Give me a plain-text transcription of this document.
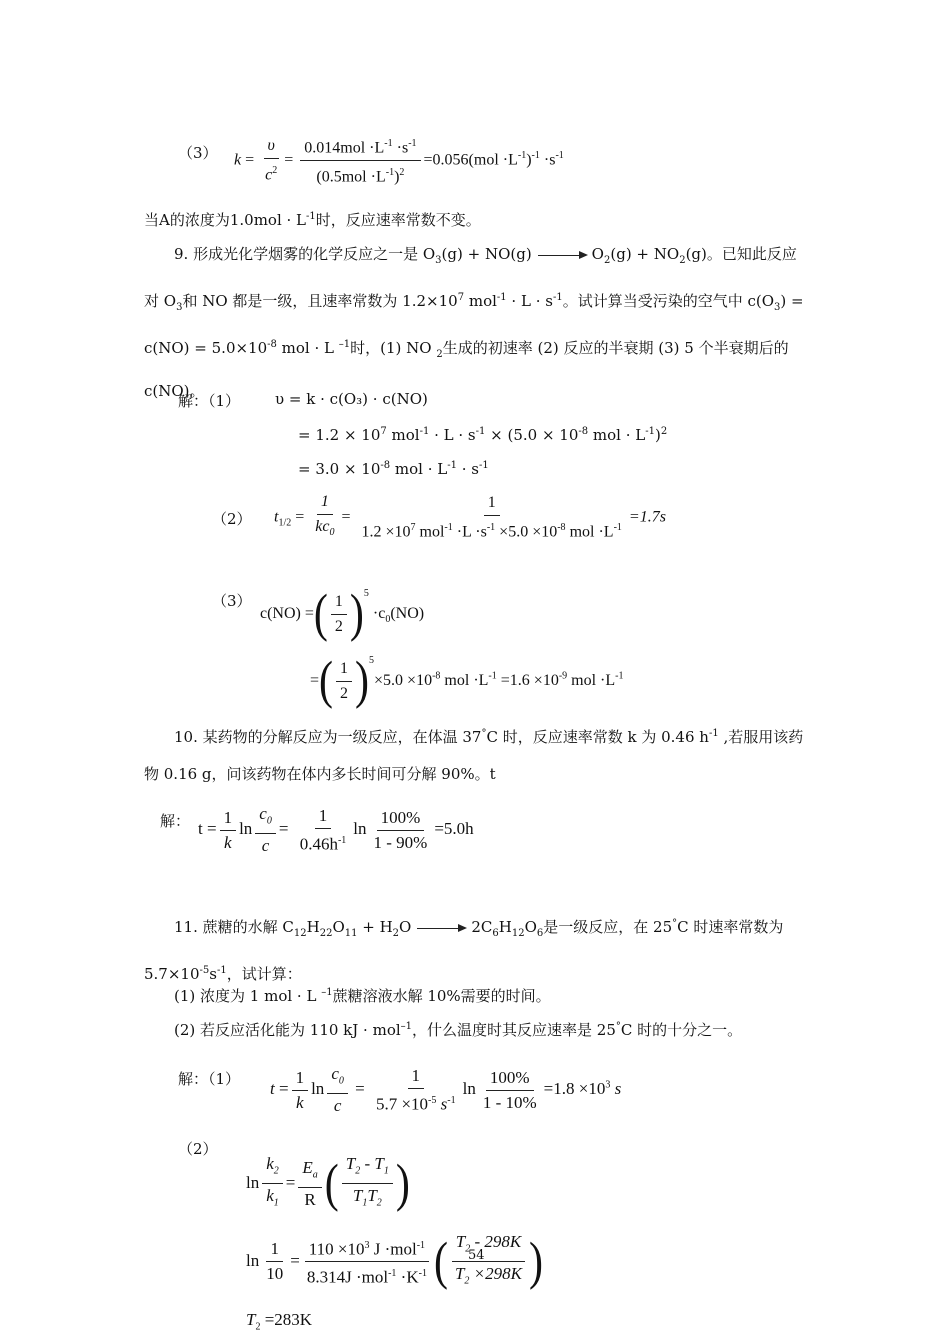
（3） $k = \frac{\upsilon}{c^2}$ =
$0.014mol \cdot L^{-1} \cdot s^{-1}$
$(0.5mol \cdot L^{-1})^2$
$=0.056(mol \cdot L^{-1})^{-1} \cdot s^{-1}$
当A的浓度为$1.0mol \cdot L^{-1}$时，反应速率常数不变。
9. 形成光化学烟雾的化学反应之一是 $O_3(g) + NO(g) \to O_2(g) + NO_2(g)$。已知此反应对 $O_3$和 NO 都是一级，且速率常数为 $1.2\times 10^7$ $mol^{-1} \cdot L \cdot s^{-1}$。试计算当受污染的空气中 $c(O_3) = c(NO) = 5.0\times 10^{-8}$ mol · L $^{-1}$时，(1) NO $_2$生成的初速率 (2) 反应的半衰期 (3) 5 个半衰期后的 c(NO)。
解：（1） υ = k · c(O₃) · c(NO)
= $1.2 \times 10^7$ $mol^{-1} \cdot L \cdot s^{-1} \times (5.0 \times 10^{-8}$ mol · $L^{-1})^2$
= $3.0 \times 10^{-8}$ mol · $L^{-1} \cdot s^{-1}$
（2） $t_{1/2} = \frac{1}{kc_0}$ =
1
$1.2 \times 10^7$ $mol^{-1} \cdot L \cdot s^{-1} \times 5.0 \times 10^{-8}$ mol $\cdot L^{-1}$
=1.7s
（3）
c(NO) =( $\frac{1}{2} )^5 \cdot c_0(NO)$
=( $\frac{1}{2} )^5\times 5.0 \times 10^{-8}$ mol $\cdot L^{-1} =1.6 \times 10^{-9}$ mol $\cdot L^{-1}$
10. 某药物的分解反应为一级反应，在体温 37°C 时，反应速率常数 k 为 0.46 $h^{-1}$ ,若服用该药物 0.16 g，问该药物在体内多长时间可分解 90%。t
解： $t = \frac{1}{k}$ $\ln \frac{c_0}{c} = \frac{1}{0.46h^{-1}}$ $\ln \frac{100\%}{1 - 90\%} =5.0h$
11. 蔗糖的水解 $C_{12}H_{22}O_{11} + H_2O \to 2C_6H_{12}O_6$是一级反应，在 25°C 时速率常数为 $5.7\times 10^{-5}s^{-1}$，试计算：
(1) 浓度为 1 mol · L $^{-1}$蔗糖溶液水解 10%需要的时间。
(2) 若反应活化能为 110 kJ · mol$^{-1}$，什么温度时其反应速率是 25°C 时的十分之一。
解：（1）
$t = \frac{1}{k}$ $\ln \frac{c_0}{c} = \frac{1}{5.7 \times 10^{-5} s^{-1}}$ $\ln \frac{100\%}{1 - 10\%} =1.8 \times 10^3$ s
（2）
$\ln \frac{k_2}{k_1} = \frac{E_a}{R}$ ( $\frac{T_2 - T_1}{T_1T_2}$ )
$\ln \frac{1}{10}$ =
$110 \times 10^3$ J ·mol$^{-1}$
$8.314J \cdot mol^{-1} \cdot K^{-1}$ ( $\frac{T_2 - 298K}{T_2 \times 298K}$ )
$T_2 =283K$
54
